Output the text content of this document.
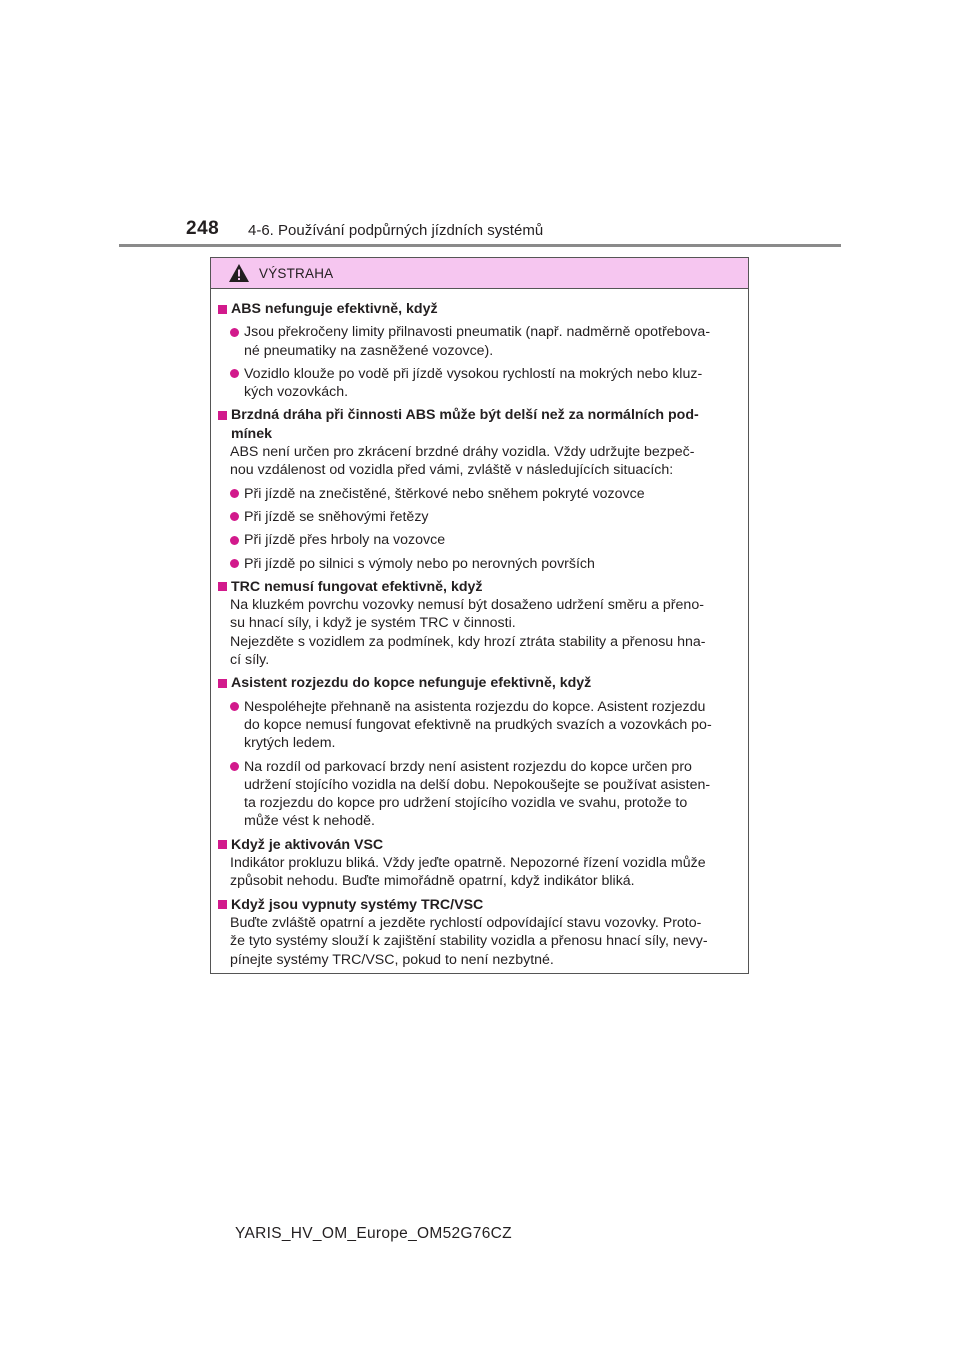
248 4-6. Používání podpůrných jízdních systémů
VÝSTRAHA
ABS nefunguje efektivně, když
Jsou překročeny limity přilnavosti pneumatik (např. nadměrně opotřebova-
né pneumatiky na zasněžené vozovce).
Vozidlo klouže po vodě při jízdě vysokou rychlostí na mokrých nebo kluz-
kých vozovkách.
Brzdná dráha při činnosti ABS může být delší než za normálních pod-
mínek
ABS není určen pro zkrácení brzdné dráhy vozidla. Vždy udržujte bezpeč-
nou vzdálenost od vozidla před vámi, zvláště v následujících situacích:
Při jízdě na znečistěné, štěrkové nebo sněhem pokryté vozovce
Při jízdě se sněhovými řetězy
Při jízdě přes hrboly na vozovce
Při jízdě po silnici s výmoly nebo po nerovných površích
TRC nemusí fungovat efektivně, když
Na kluzkém povrchu vozovky nemusí být dosaženo udržení směru a přeno-
su hnací síly, i když je systém TRC v činnosti.
Nejezděte s vozidlem za podmínek, kdy hrozí ztráta stability a přenosu hna-
cí síly.
Asistent rozjezdu do kopce nefunguje efektivně, když
Nespoléhejte přehnaně na asistenta rozjezdu do kopce. Asistent rozjezdu
do kopce nemusí fungovat efektivně na prudkých svazích a vozovkách po-
krytých ledem.
Na rozdíl od parkovací brzdy není asistent rozjezdu do kopce určen pro
udržení stojícího vozidla na delší dobu. Nepokoušejte se používat asisten-
ta rozjezdu do kopce pro udržení stojícího vozidla ve svahu, protože to
může vést k nehodě.
Když je aktivován VSC
Indikátor prokluzu bliká. Vždy jeďte opatrně. Nepozorné řízení vozidla může
způsobit nehodu. Buďte mimořádně opatrní, když indikátor bliká.
Když jsou vypnuty systémy TRC/VSC
Buďte zvláště opatrní a jezděte rychlostí odpovídající stavu vozovky. Proto-
že tyto systémy slouží k zajištění stability vozidla a přenosu hnací síly, nevy-
pínejte systémy TRC/VSC, pokud to není nezbytné.
YARIS_HV_OM_Europe_OM52G76CZ
